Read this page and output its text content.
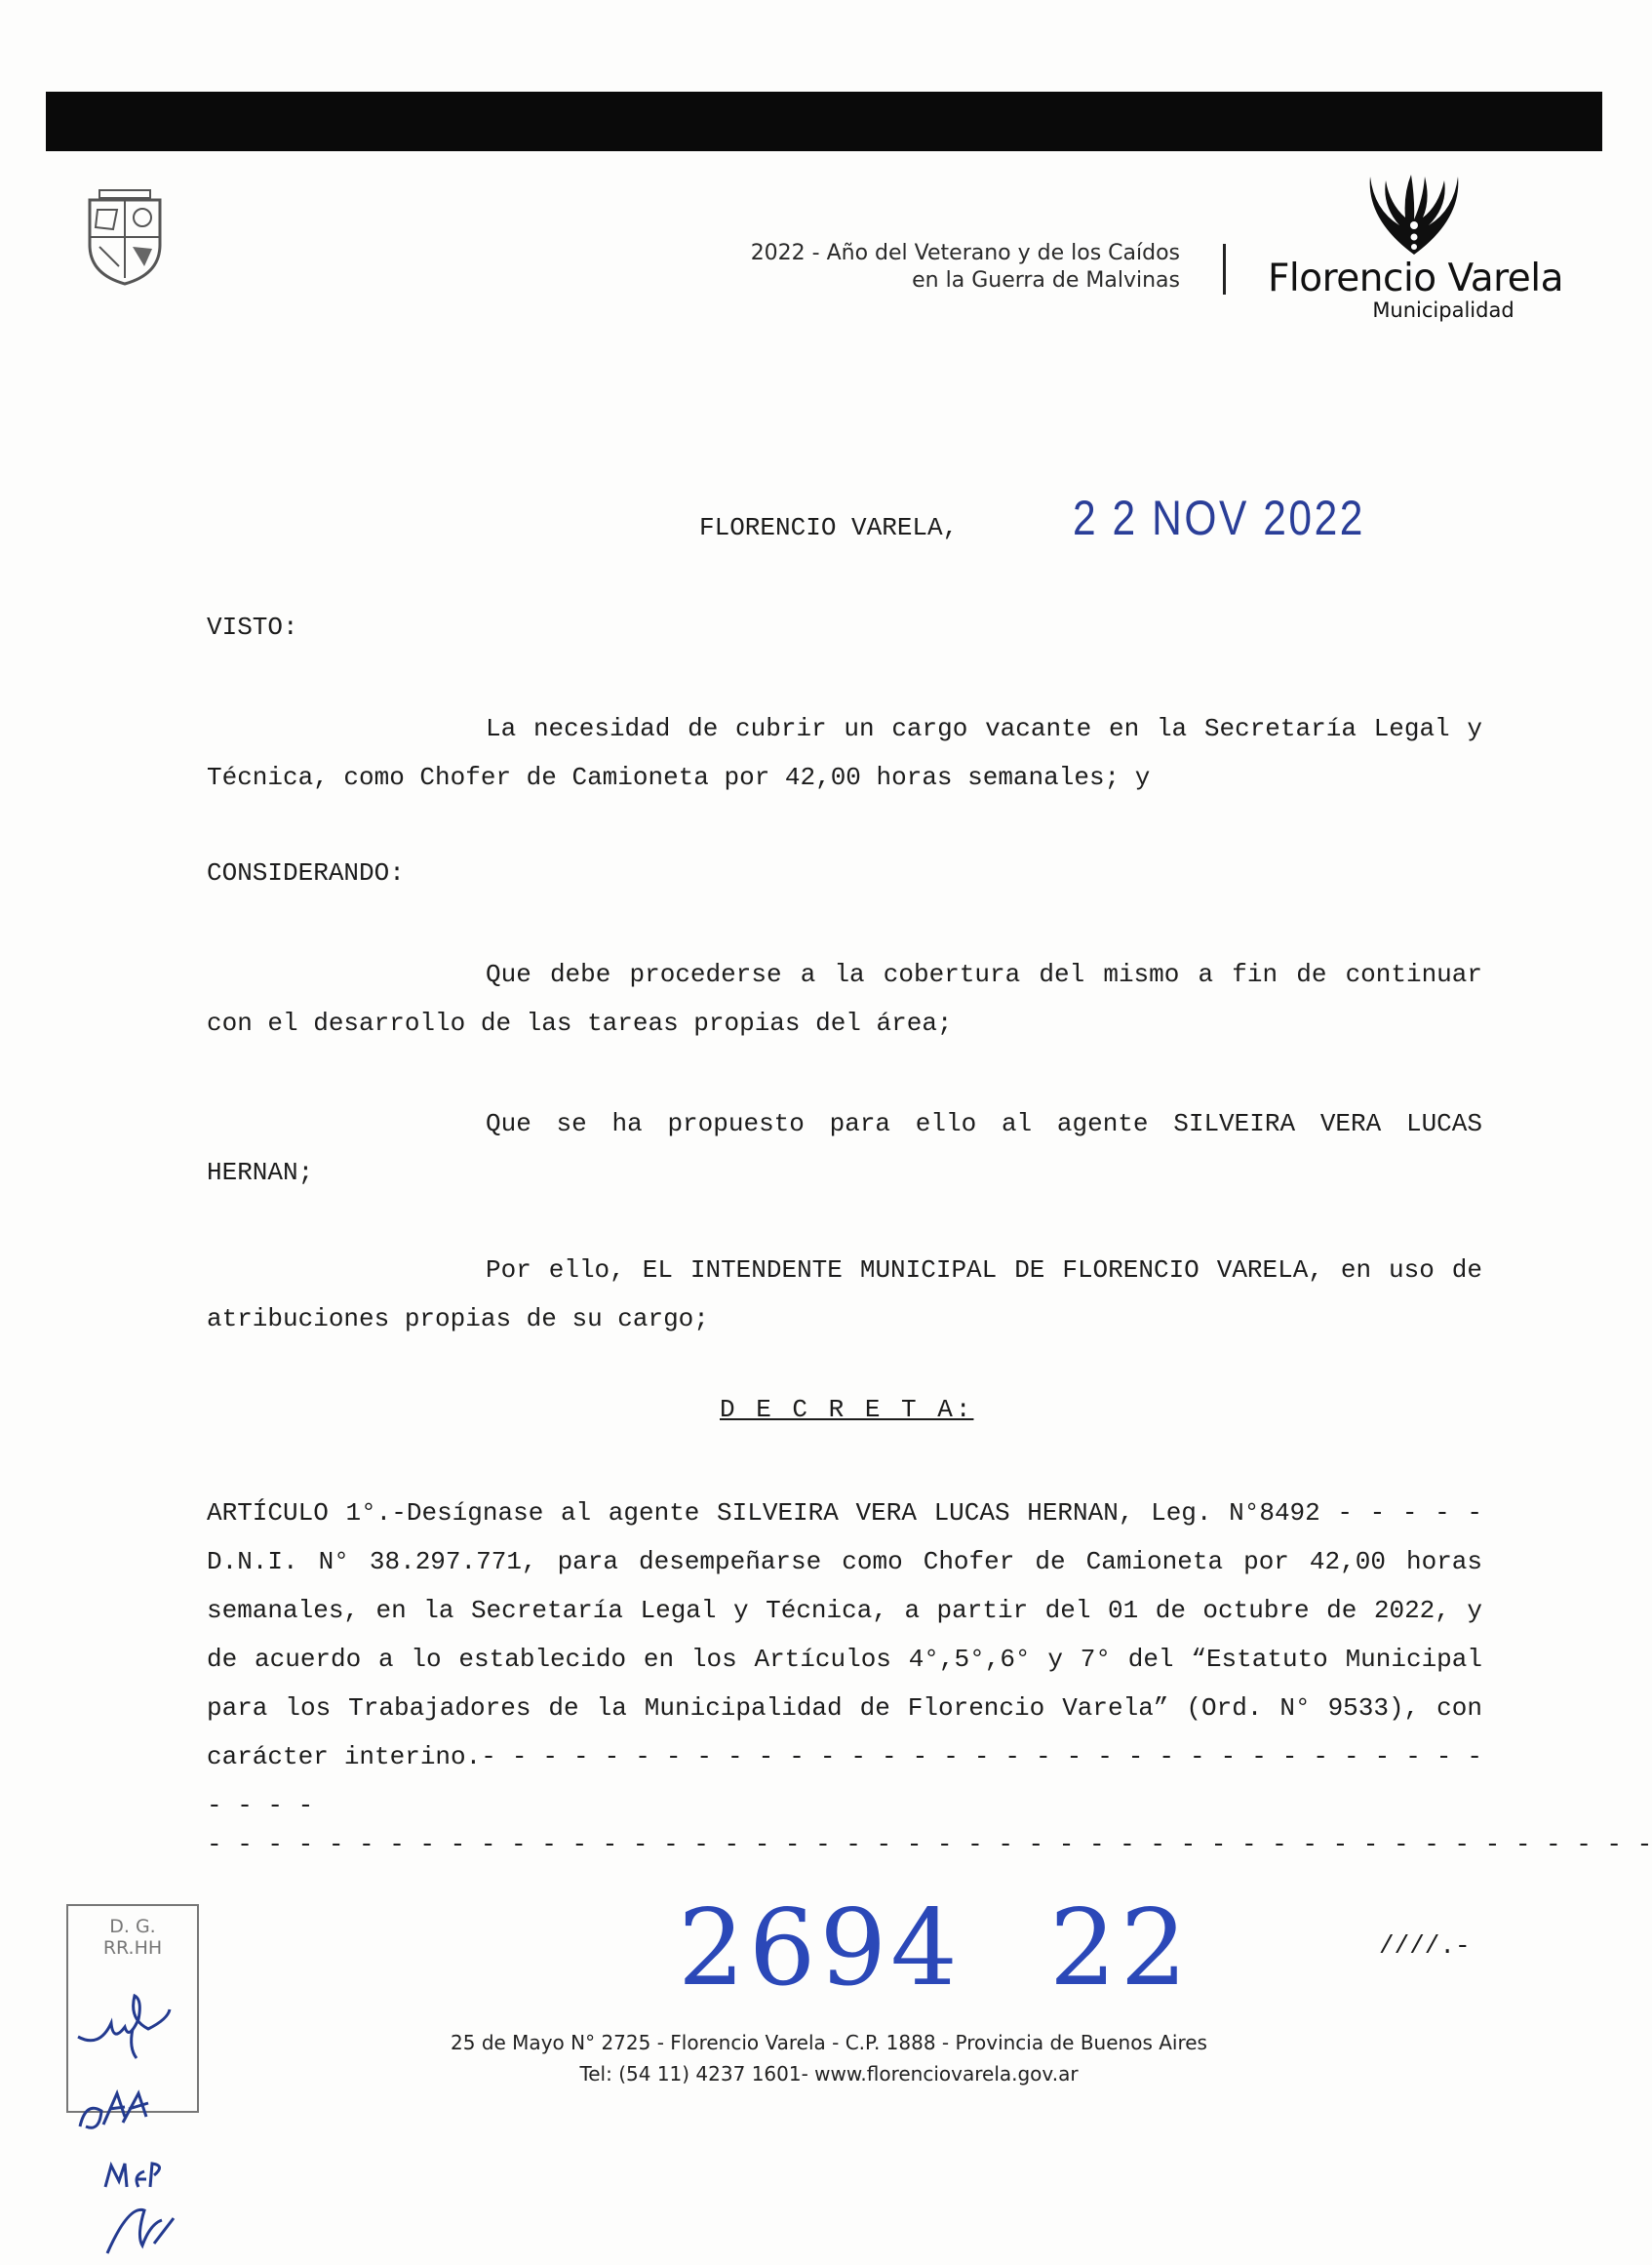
2022 - Año del Veterano y de los Caídos
en la Guerra de Malvinas Florencio Varela
Municipalidad
FLORENCIO VARELA, 2 2 NOV 2022
VISTO:
La necesidad de cubrir un cargo vacante en la Secretaría Legal y Técnica, como Chofer de Camioneta por 42,00 horas semanales; y
CONSIDERANDO:
Que debe procederse a la cobertura del mismo a fin de continuar con el desarrollo de las tareas propias del área;
Que se ha propuesto para ello al agente SILVEIRA VERA LUCAS HERNAN;
Por ello, EL INTENDENTE MUNICIPAL DE FLORENCIO VARELA, en uso de atribuciones propias de su cargo;
D E C R E T A:
ARTÍCULO 1°.-Desígnase al agente SILVEIRA VERA LUCAS HERNAN, Leg. N°8492 - - - - -D.N.I. N° 38.297.771, para desempeñarse como Chofer de Camioneta por 42,00 horas semanales, en la Secretaría Legal y Técnica, a partir del 01 de octubre de 2022, y de acuerdo a lo establecido en los Artículos 4°,5°,6° y 7° del “Estatuto Municipal para los Trabajadores de la Municipalidad de Florencio Varela” (Ord. N° 9533), con carácter interino.- - - - - - - - - - - - - - - - - - - - - - - - - - - - - - - - - - - - -
- - - - - - - - - - - - - - - - - - - - - - - - - - - - - - - - - - - - - - - - - - - - - - - -
2694 22	////.-
25 de Mayo N° 2725 - Florencio Varela - C.P. 1888 - Provincia de Buenos Aires
Tel: (54 11) 4237 1601- www.florenciovarela.gov.ar
D. G.
RR.HH
